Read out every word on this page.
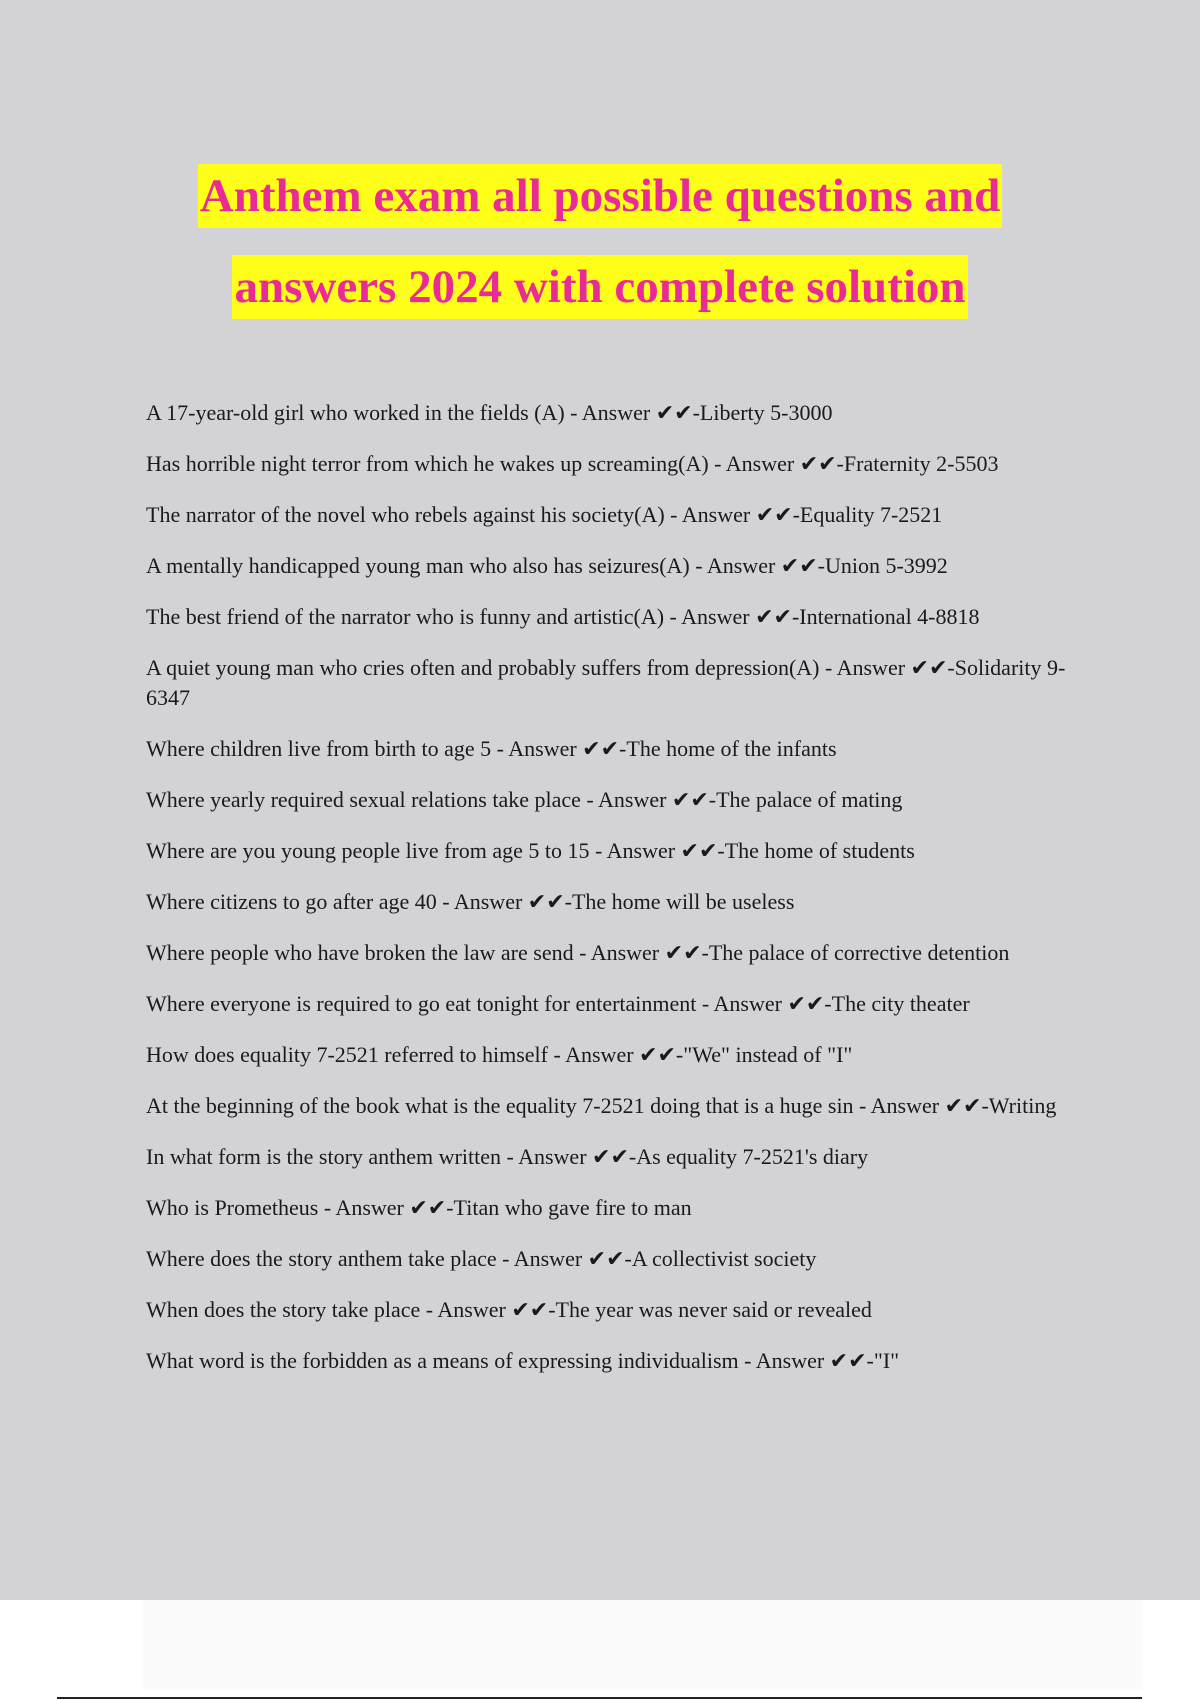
Anthem exam all possible questions and
answers 2024 with complete solution
A 17-year-old girl who worked in the fields (A) - Answer ✔✔-Liberty 5-3000
Has horrible night terror from which he wakes up screaming(A) - Answer ✔✔-Fraternity 2-5503
The narrator of the novel who rebels against his society(A) - Answer ✔✔-Equality 7-2521
A mentally handicapped young man who also has seizures(A) - Answer ✔✔-Union 5-3992
The best friend of the narrator who is funny and artistic(A) - Answer ✔✔-International 4-8818
A quiet young man who cries often and probably suffers from depression(A) - Answer ✔✔-Solidarity 9-6347
Where children live from birth to age 5 - Answer ✔✔-The home of the infants
Where yearly required sexual relations take place - Answer ✔✔-The palace of mating
Where are you young people live from age 5 to 15 - Answer ✔✔-The home of students
Where citizens to go after age 40 - Answer ✔✔-The home will be useless
Where people who have broken the law are send - Answer ✔✔-The palace of corrective detention
Where everyone is required to go eat tonight for entertainment - Answer ✔✔-The city theater
How does equality 7-2521 referred to himself - Answer ✔✔-"We" instead of "I"
At the beginning of the book what is the equality 7-2521 doing that is a huge sin - Answer ✔✔-Writing
In what form is the story anthem written - Answer ✔✔-As equality 7-2521's diary
Who is Prometheus - Answer ✔✔-Titan who gave fire to man
Where does the story anthem take place - Answer ✔✔-A collectivist society
When does the story take place - Answer ✔✔-The year was never said or revealed
What word is the forbidden as a means of expressing individualism - Answer ✔✔-"I"
